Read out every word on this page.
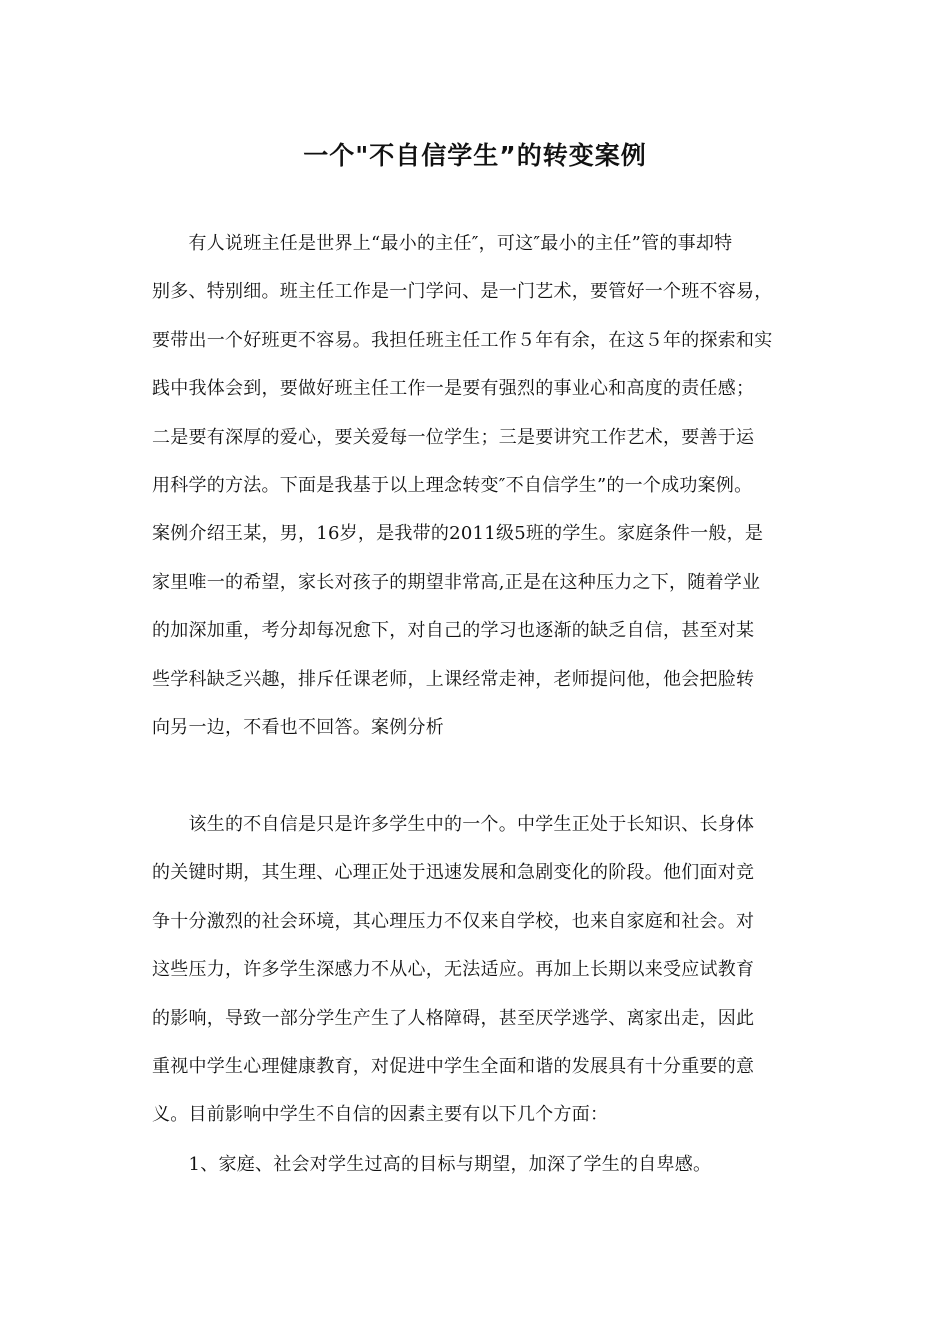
一个"不自信学生”的转变案例
　　有人说班主任是世界上“最小的主任″，可这″最小的主任”管的事却特
别多、特别细。班主任工作是一门学问、是一门艺术，要管好一个班不容易，
要带出一个好班更不容易。我担任班主任工作５年有余，在这５年的探索和实
践中我体会到，要做好班主任工作一是要有强烈的事业心和高度的责任感；
二是要有深厚的爱心，要关爱每一位学生；三是要讲究工作艺术，要善于运
用科学的方法。下面是我基于以上理念转变″不自信学生”的一个成功案例。
案例介绍王某，男，16岁，是我带的2011级5班的学生。家庭条件一般，是
家里唯一的希望，家长对孩子的期望非常高,正是在这种压力之下，随着学业
的加深加重，考分却每况愈下，对自己的学习也逐渐的缺乏自信，甚至对某
些学科缺乏兴趣，排斥任课老师，上课经常走神，老师提问他，他会把脸转
向另一边，不看也不回答。案例分析
　　该生的不自信是只是许多学生中的一个。中学生正处于长知识、长身体
的关键时期，其生理、心理正处于迅速发展和急剧变化的阶段。他们面对竞
争十分激烈的社会环境，其心理压力不仅来自学校，也来自家庭和社会。对
这些压力，许多学生深感力不从心，无法适应。再加上长期以来受应试教育
的影响，导致一部分学生产生了人格障碍，甚至厌学逃学、离家出走，因此
重视中学生心理健康教育，对促进中学生全面和谐的发展具有十分重要的意
义。目前影响中学生不自信的因素主要有以下几个方面：
　　1、家庭、社会对学生过高的目标与期望，加深了学生的自卑感。
